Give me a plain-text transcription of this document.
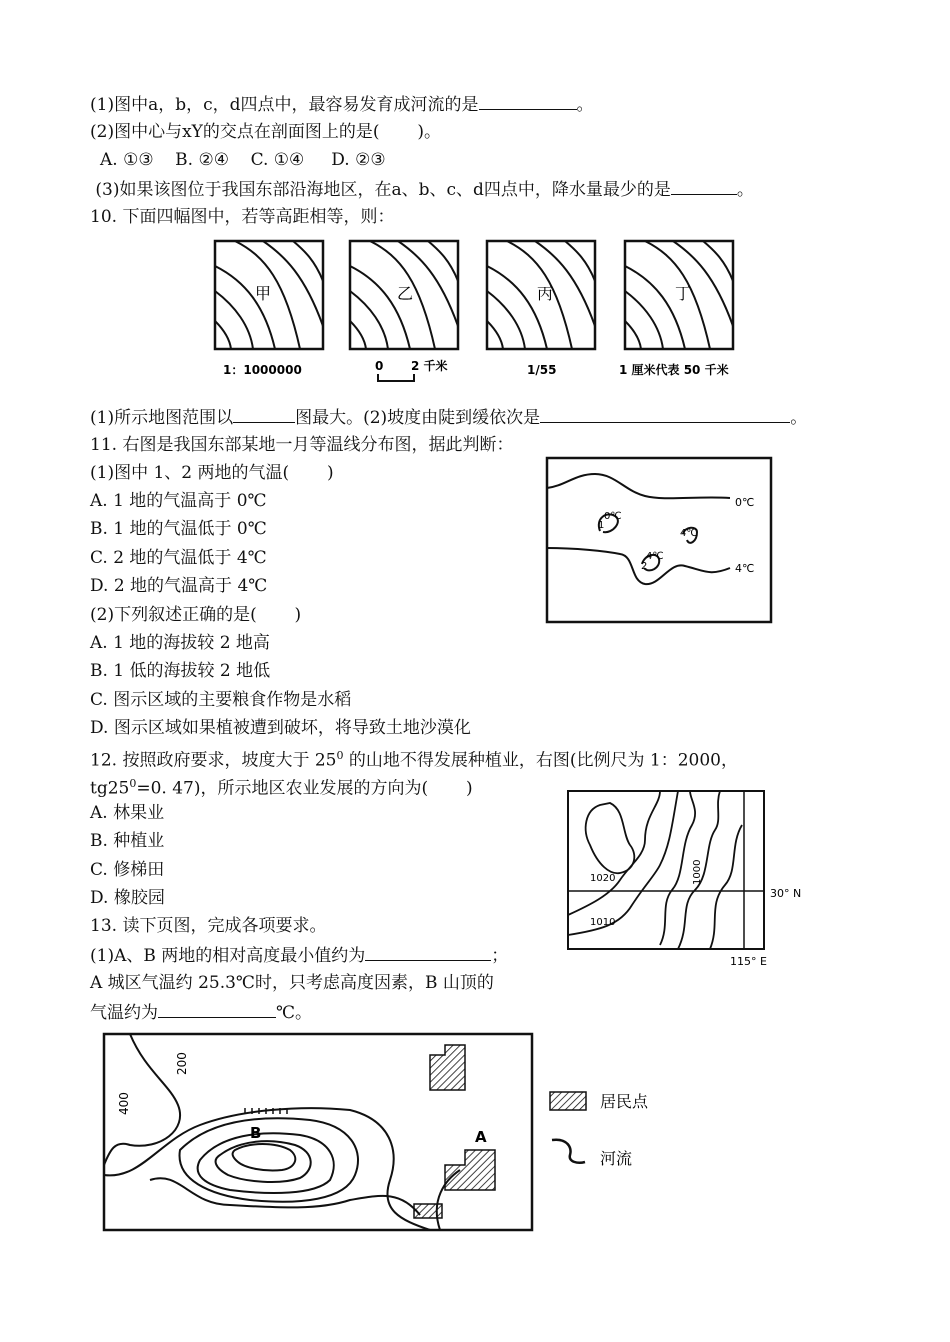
(1)图中a，b，c，d四点中，最容易发育成河流的是	。
(2)图中心与xY的交点在剖面图上的是(       )。
A. ①③    B. ②④    C. ①④     D. ②③
(3)如果该图位于我国东部沿海地区，在a、b、c、d四点中，降水量最少的是	。
10. 下面四幅图中，若等高距相等，则：
甲	乙	丙	丁
1：1000000	0 2 千米	1/55	1 厘米代表 50 千米
(1)所示地图范围以	图最大。(2)坡度由陡到缓依次是	。
11. 右图是我国东部某地一月等温线分布图，据此判断：
(1)图中 1、2 两地的气温(       )
A. 1 地的气温高于 0℃
B. 1 地的气温低于 0℃
C. 2 地的气温低于 4℃
D. 2 地的气温高于 4℃
(2)下列叙述正确的是(       )
A. 1 地的海拔较 2 地高
B. 1 低的海拔较 2 地低
C. 图示区域的主要粮食作物是水稻
D. 图示区域如果植被遭到破坏，将导致土地沙漠化
0℃
0℃
1
4℃
4℃
2	4℃
12. 按照政府要求，坡度大于 $25^0$ 的山地不得发展种植业，右图(比例尺为 1：2000，
$tg25^0=0$. 47)，所示地区农业发展的方向为(       )
A. 林果业
B. 种植业
C. 修梯田
D. 橡胶园
1020	1000
1010
30° N
115° E
13. 读下页图，完成各项要求。
(1)A、B 两地的相对高度最小值约为	；
A 城区气温约 25.3℃时，只考虑高度因素，B 山顶的
气温约为	℃。
200
400
B	A
居民点
河流
